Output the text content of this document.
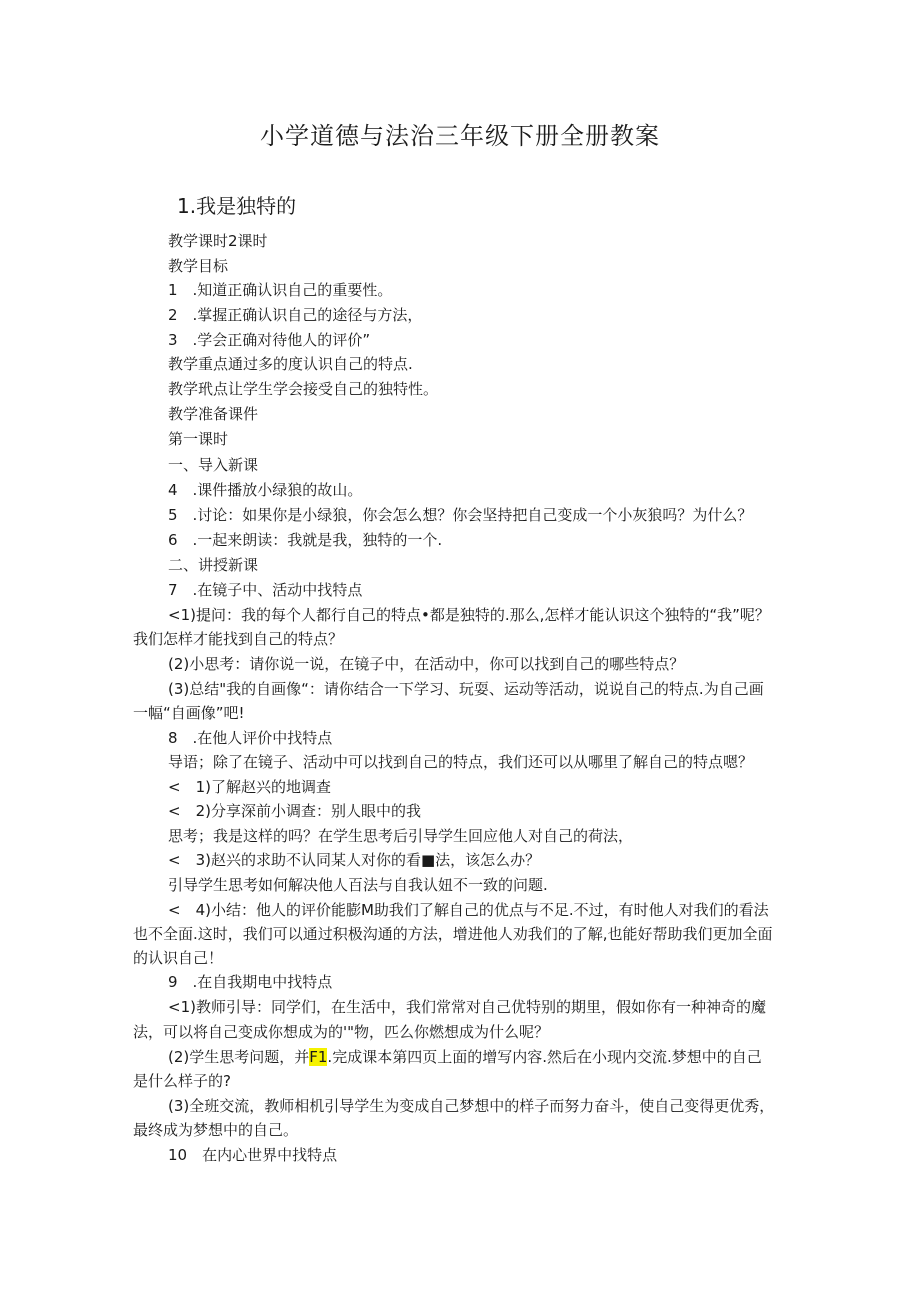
小学道德与法治三年级下册全册教案
1.我是独特的
教学课时2课时
教学目标
1　.知道正确认识自己的重要性。
2　.掌握正确认识自己的途径与方法，
3　.学会正确对待他人的评价”
教学重点通过多的度认识自己的特点.
教学玳点让学生学会接受自己的独特性。
教学准备课件
第一课时
一、导入新课
4　.课件播放小绿狼的故山。
5　.讨论：如果你是小绿狼，你会怎么想？你会坚持把自己变成一个小灰狼吗？为什么？
6　.一起来朗读：我就是我，独特的一个.
二、讲授新课
7　.在镜子中、活动中找特点
<1)提问：我的每个人都行自己的特点•都是独特的.那么,怎样才能认识这个独特的“我”呢？
我们怎样才能找到自己的特点？
(2)小思考：请你说一说，在镜子中，在活动中，你可以找到自己的哪些特点？
(3)总结"我的自画像“：请你结合一下学习、玩耍、运动等活动，说说自己的特点.为自己画
一幅“自画像”吧!
8　.在他人评价中找特点
导语；除了在镜子、活动中可以找到自己的特点，我们还可以从哪里了解自己的特点嗯？
<　1)了解赵兴的地调查
<　2)分享深前小调查：别人眼中的我
思考；我是这样的吗？在学生思考后引导学生回应他人对自己的荷法，
<　3)赵兴的求助不认同某人对你的看■法，该怎么办？
引导学生思考如何解决他人百法与自我认妞不一致的问题.
<　4)小结：他人的评价能膨M助我们了解自己的优点与不足.不过，有时他人对我们的看法
也不全面.这时，我们可以通过积极沟通的方法，增进他人劝我们的了解,也能好帮助我们更加全面
的认识自己！
9　.在自我期电中找特点
<1)教师引导：同学们，在生活中，我们常常对自己优特别的期里，假如你有一种神奇的魔
法，可以将自己变成你想成为的'"物，匹么你燃想成为什么呢？
(2)学生思考问题，并F1.完成课本第四页上面的增写内容.然后在小现内交流.梦想中的自己
是什么样子的?
(3)全班交流，教师相机引导学生为变成自己梦想中的样子而努力奋斗，使自己变得更优秀，
最终成为梦想中的自己。
10　在内心世界中找特点
